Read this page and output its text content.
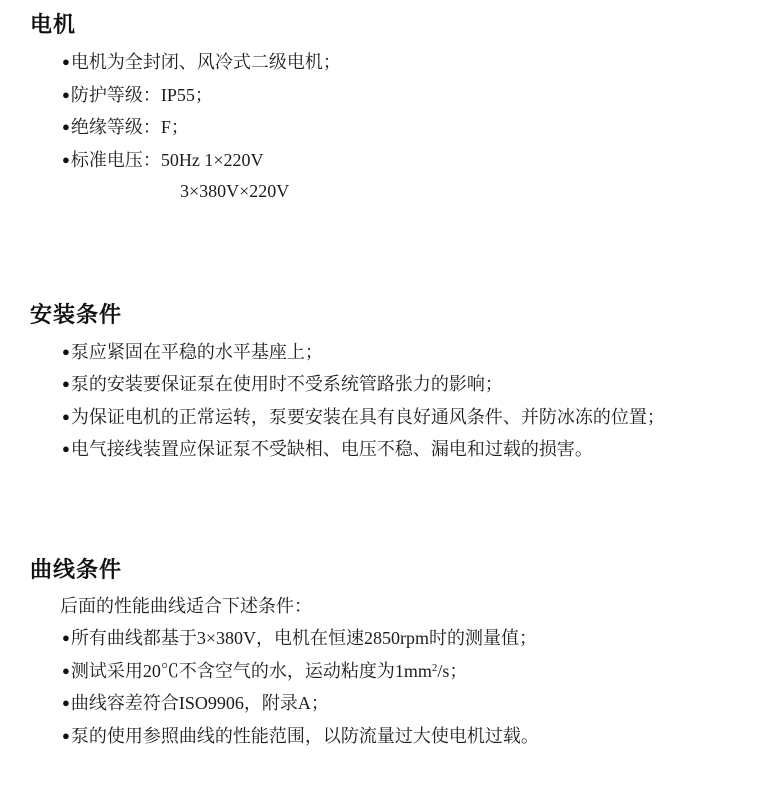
电机
●电机为全封闭、风冷式二级电机；
●防护等级：IP55；
●绝缘等级：F；
●标准电压：50Hz 1×220V
3×380V×220V
安装条件
●泵应紧固在平稳的水平基座上；
●泵的安装要保证泵在使用时不受系统管路张力的影响；
●为保证电机的正常运转，泵要安装在具有良好通风条件、并防冰冻的位置；
●电气接线装置应保证泵不受缺相、电压不稳、漏电和过载的损害。
曲线条件
后面的性能曲线适合下述条件：
●所有曲线都基于3×380V，电机在恒速2850rpm时的测量值；
●测试采用20℃不含空气的水，运动粘度为$1mm^2/s$；
●曲线容差符合ISO9906，附录A；
●泵的使用参照曲线的性能范围，以防流量过大使电机过载。
